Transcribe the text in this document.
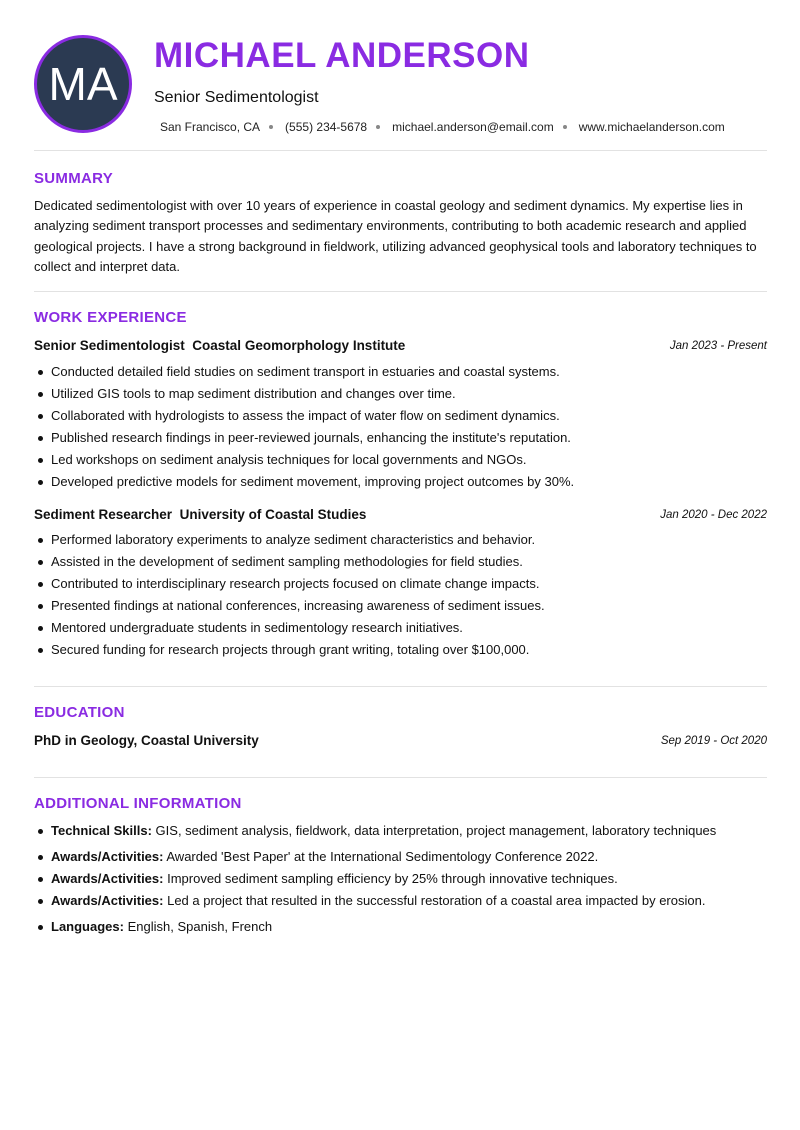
MA
MICHAEL ANDERSON
Senior Sedimentologist
San Francisco, CA (555) 234-5678 michael.anderson@email.com www.michaelanderson.com
SUMMARY

Dedicated sedimentologist with over 10 years of experience in coastal geology and sediment dynamics. My expertise lies in analyzing sediment transport processes and sedimentary environments, contributing to both academic research and applied geological projects. I have a strong background in fieldwork, utilizing advanced geophysical tools and laboratory techniques to collect and interpret data.

WORK EXPERIENCE
Senior Sedimentologist Coastal Geomorphology Institute	Jan 2023 - Present
Conducted detailed field studies on sediment transport in estuaries and coastal systems.
Utilized GIS tools to map sediment distribution and changes over time.
Collaborated with hydrologists to assess the impact of water flow on sediment dynamics.
Published research findings in peer-reviewed journals, enhancing the institute's reputation.
Led workshops on sediment analysis techniques for local governments and NGOs.
Developed predictive models for sediment movement, improving project outcomes by 30%.
Sediment Researcher University of Coastal Studies	Jan 2020 - Dec 2022
Performed laboratory experiments to analyze sediment characteristics and behavior.
Assisted in the development of sediment sampling methodologies for field studies.
Contributed to interdisciplinary research projects focused on climate change impacts.
Presented findings at national conferences, increasing awareness of sediment issues.
Mentored undergraduate students in sedimentology research initiatives.
Secured funding for research projects through grant writing, totaling over $100,000.
EDUCATION
PhD in Geology, Coastal University	Sep 2019 - Oct 2020
ADDITIONAL INFORMATION
Technical Skills: GIS, sediment analysis, fieldwork, data interpretation, project management, laboratory techniques
Awards/Activities: Awarded 'Best Paper' at the International Sedimentology Conference 2022.
Awards/Activities: Improved sediment sampling efficiency by 25% through innovative techniques.
Awards/Activities: Led a project that resulted in the successful restoration of a coastal area impacted by erosion.
Languages: English, Spanish, French
